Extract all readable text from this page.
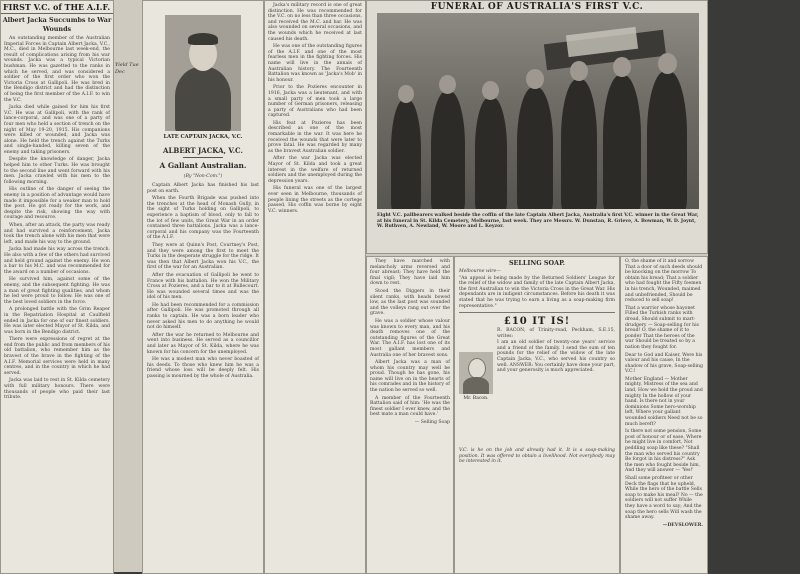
FIRST V.C. of THE A.I.F.
Albert Jacka Succumbs to War Wounds

An outstanding member of the Australian Imperial Forces in Captain Albert Jacka, V.C., M.C., died in Melbourne last week-end, the result of complications arising from his war wounds. Jacka was a typical Victorian bushman. He was gazetted to the ranks in which he served, and was considered a soldier of the first order who won the Victoria Cross at Gallipoli. He was bred in the Bendigo district and had the distinction of being the first member of the A.I.F. to win the V.C.

Jacka died while gained for him his first V.C. He was at Gallipoli, with the rank of lance-corporal, and was one of a party of four men who held a section of trench on the night of May 19-20, 1915. His companions were killed or wounded, and Jacka was alone. He held the trench against the Turks and single-handed, killing seven of the enemy and taking prisoners.

Despite the knowledge of danger, Jacka helped him to other Turks. He was brought to the second line and went forward with his men. Jacka crawled with his men to the following morning.

His outline of the danger of seeing the enemy in a position of advantage would have made it impossible for a weaker man to hold the post. He got ready for the work, and despite the risk, showing the way with courage and resource.

When, after an attack, the party was ready and had survived a reinforcement, Jacka took the trench alone with his men that were left, and made his way to the ground.

Jacka had made his way across the trench. He also with a few of the others had survived and held ground against the enemy. He won a bar to his M.C. and was recommended for the award on a number of occasions.

He survived him, against some of the enemy, and the subsequent fighting. He was a man of great fighting qualities, and whom he led were proud to follow. He was one of the best loved soldiers in the force.

A prolonged battle with the Grim Reaper in the Repatriation Hospital at Caulfield ended in Jacka for one of our finest soldiers. He was later elected Mayor of St. Kilda, and was born in the Bendigo district.

There were expressions of regret at the end from the public and from members of his old battalion, who remember him as the bravest of the brave in the fighting of the A.I.F. Memorial services were held in many centres, and in the country in which he had served.

Jacka was laid to rest in St. Kilda cemetery with full military honours. There were thousands of people who paid their last tribute.

Yield Tue
Dec
LATE CAPTAIN JACKA, V.C.
ALBERT JACKA, V.C.
A Gallant Australian.
(By "Non-Com.")

Captain Albert Jacka has finished his last post on earth.

When the Fourth Brigade was pushed into the trenches at the head of Monash Gully, in the sight of Turks holding on Gallipoli, to experience a baptism of blood, only to fall to the lot of few units, the Great War in an order contained three battalions. Jacka was a lance-corporal and his company was the Fourteenth of the A.I.F.

They were at Quinn's Post, Courtney's Post, and they were among the first to meet the Turks in the desperate struggle for the ridge. It was then that Albert Jacka won his V.C., the first of the war for an Australian.

After the evacuation of Gallipoli he went to France with his battalion. He won the Military Cross at Pozieres, and a bar to it at Bullecourt. He was wounded several times and was the idol of his men.

He had been recommended for a commission after Gallipoli. He was promoted through all ranks to captain. He was a born leader who never asked his men to do anything he would not do himself.

After the war he returned to Melbourne and went into business. He served as a councillor and later as Mayor of St. Kilda, where he was known for his concern for the unemployed.

He was a modest man who never boasted of his deeds. To those who knew him he was a friend whose loss will be deeply felt. His passing is mourned by the whole of Australia.

Jacka's military record is one of great distinction. He was recommended for the V.C. on no less than three occasions, and received the M.C. and bar. He was also wounded on several occasions, and the wounds which he received at last caused his death.

He was one of the outstanding figures of the A.I.F. and one of the most fearless men in the fighting forces. His name will live in the annals of Australian history. The Fourteenth Battalion was known as 'Jacka's Mob' in his honour.

Prior to the Pozieres encounter in 1916, Jacka was a lieutenant, and with a small party of men took a large number of German prisoners, releasing a party of Australians who had been captured.

His feat at Pozieres has been described as one of the most remarkable in the war. It was here he received the wounds that were later to prove fatal. He was regarded by many as the bravest Australian soldier.

After the war Jacka was elected Mayor of St. Kilda and took a great interest in the welfare of returned soldiers and the unemployed during the depression years.

His funeral was one of the largest ever seen in Melbourne, thousands of people lining the streets as the cortege passed. His coffin was borne by eight V.C. winners.

FUNERAL OF AUSTRALIA'S FIRST V.C.
Eight V.C. pallbearers walked beside the coffin of the late Captain Albert Jacka, Australia's first V.C. winner in the Great War, at his funeral in St. Kilda Cemetery, Melbourne, last week. They are Messrs. W. Dunstan, R. Grieve, A. Bowman, W. D. Joynt, W. Ruthven, A. Newland, W. Moore and L. Keyzor.

They have marched with melancholy arms reversed and four abreast; They have held the final vigil; They have laid him down to rest.

Stood the Diggers in their silent ranks, with heads bowed low, as the last post was sounded and the volleys rang out over the grave.

He was a soldier whose valour was known to every man, and his death removes one of the outstanding figures of the Great War. The A.I.F. has lost one of its most gallant members and Australia one of her bravest sons.

Albert Jacka was a man of whom his country may well be proud. Though he has gone, his name will live on in the hearts of his comrades and in the history of the nation he served so well.

A member of the Fourteenth Battalion said of him: 'He was the finest soldier I ever knew, and the best mate a man could have.'

— Selling Soap

SELLING SOAP.
Melbourne wire—
"An appeal is being made by the Returned Soldiers' League for the relief of the widow and family of the late Captain Albert Jacka, the first Australian to win the Victoria Cross in the Great War. His dependants are in indigent circumstances. Before his death it was stated that he was trying to earn a living as a soap-making firm representative."
£10 IT IS!
Mr. Bacon.
R. BACON, of Trinity-road, Peckham, S.E.15, writes:
I am an old soldier of twenty-one years' service and a friend of the family. I send the sum of ten pounds for the relief of the widow of the late Captain Jacka, V.C., who served his country so well. ANSWER: You certainly have done your part, and your generosity is much appreciated.
V.C. is he on the job and already had it. It is a soap-making position. It was offered to obtain a livelihood. Not everybody may be interested in it.

O, the shame of it and sorrow That a door of such deeds should be knocking on the morrow To obtain his bread; That a soldier who had fought the Fifty foemen in his trench, Wounded, maimed and unbefriended, Should be reduced to sell soap!

That a warrior whose bayonet Filled the Turkish ranks with dread, Should submit to mart-drudgery — Soap-selling for his bread! O, the shame of it to ponder That the heroes of the war Should be treated so by a nation they fought for.

Dear to God and Kaiser, Were his valour and his cause, In the shadow of his grave, Soap-selling V.C.!

Mother England — Mother mighty, Mistress of the sea and land, How we hold the proud and mighty In the hollow of your hand. Is there not in your dominions Some hero-worship left, Where your gallant wounded soldiers Need not be so much bereft?

Is there not some pension, Some post of honour or of ease, Where he might live in comfort, Not peddling soap like these? "Shall the man who served his country Be forgot in his distress?" Ask the men who fought beside him, And they will answer — 'Yes!'

Shall some profiteer or other Deck the flags that he upheld, While the hero of the battle Sells soap to make his meal? No — the soldiers will not suffer While they have a word to say; And the soap the hero sells Will wash the shame away.

—DEVSLOWER.
